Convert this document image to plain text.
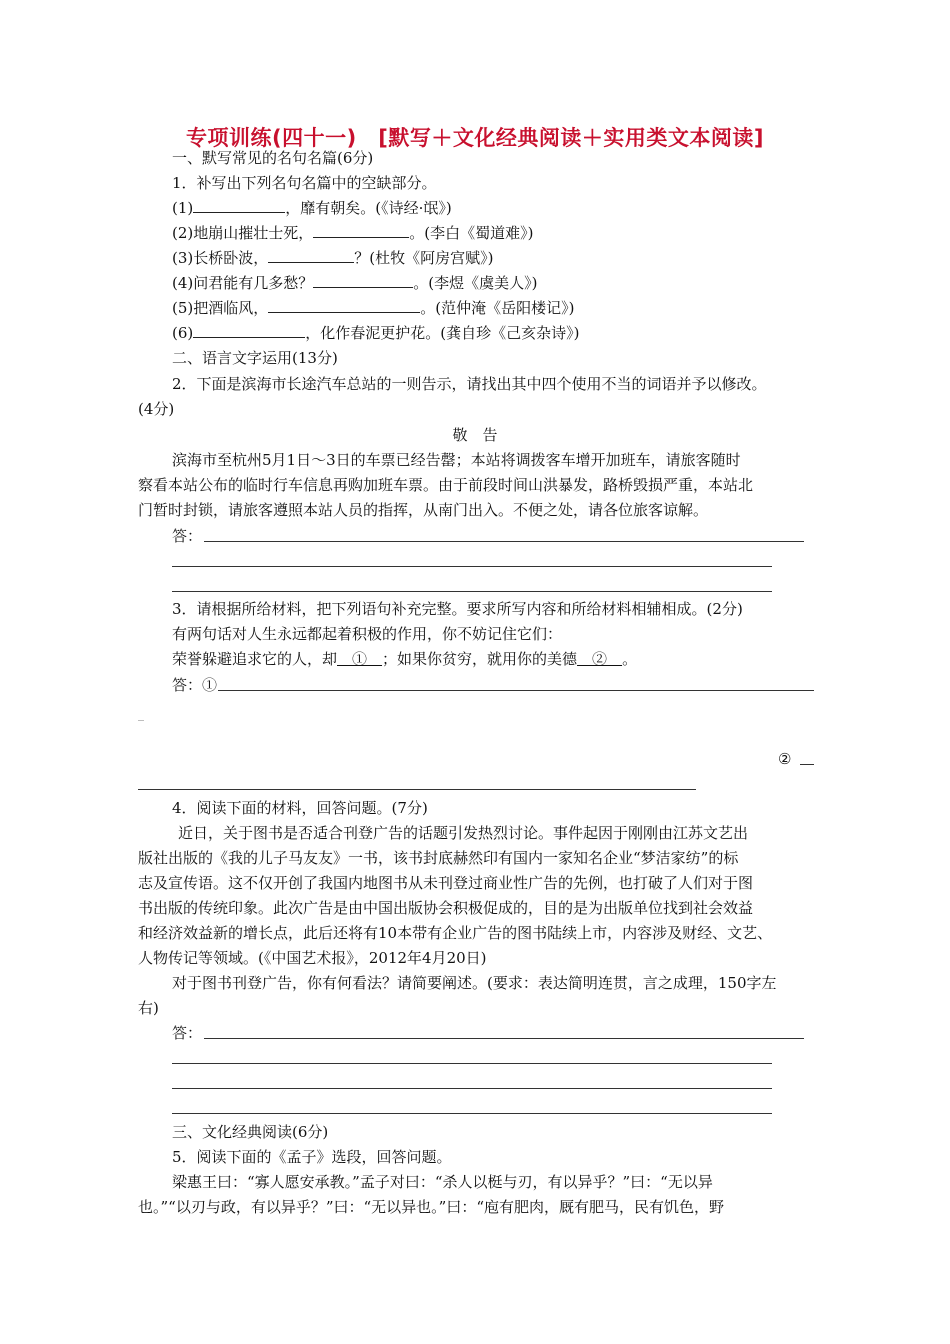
专项训练(四十一)　[默写＋文化经典阅读＋实用类文本阅读]
一、默写常见的名句名篇(6分)
1．补写出下列名句名篇中的空缺部分。
(1)	，靡有朝矣。(《诗经·氓》)
(2)地崩山摧壮士死，	。(李白《蜀道难》)
(3)长桥卧波，	？(杜牧《阿房宫赋》)
(4)问君能有几多愁？	。(李煜《虞美人》)
(5)把酒临风，	。(范仲淹《岳阳楼记》)
(6)	，化作春泥更护花。(龚自珍《己亥杂诗》)
二、语言文字运用(13分)
2．下面是滨海市长途汽车总站的一则告示，请找出其中四个使用不当的词语并予以修改。
(4分)
敬　告
滨海市至杭州5月1日～3日的车票已经告罄；本站将调拨客车增开加班车，请旅客随时
察看本站公布的临时行车信息再购加班车票。由于前段时间山洪暴发，路桥毁损严重，本站北
门暂时封锁，请旅客遵照本站人员的指挥，从南门出入。不便之处，请各位旅客谅解。
答：
3．请根据所给材料，把下列语句补充完整。要求所写内容和所给材料相辅相成。(2分)
有两句话对人生永远都起着积极的作用，你不妨记住它们：
荣誉躲避追求它的人，却　①　；如果你贫穷，就用你的美德　②　。
答：①
_
②
4．阅读下面的材料，回答问题。(7分)
近日，关于图书是否适合刊登广告的话题引发热烈讨论。事件起因于刚刚由江苏文艺出
版社出版的《我的儿子马友友》一书，该书封底赫然印有国内一家知名企业“梦洁家纺”的标
志及宣传语。这不仅开创了我国内地图书从未刊登过商业性广告的先例，也打破了人们对于图
书出版的传统印象。此次广告是由中国出版协会积极促成的，目的是为出版单位找到社会效益
和经济效益新的增长点，此后还将有10本带有企业广告的图书陆续上市，内容涉及财经、文艺、
人物传记等领域。(《中国艺术报》，2012年4月20日)
对于图书刊登广告，你有何看法？请简要阐述。(要求：表达简明连贯，言之成理，150字左
右)
答：
三、文化经典阅读(6分)
5．阅读下面的《孟子》选段，回答问题。
梁惠王曰：“寡人愿安承教。”孟子对曰：“杀人以梃与刃，有以异乎？”曰：“无以异
也。”“以刃与政，有以异乎？”曰：“无以异也。”曰：“庖有肥肉，厩有肥马，民有饥色，野
